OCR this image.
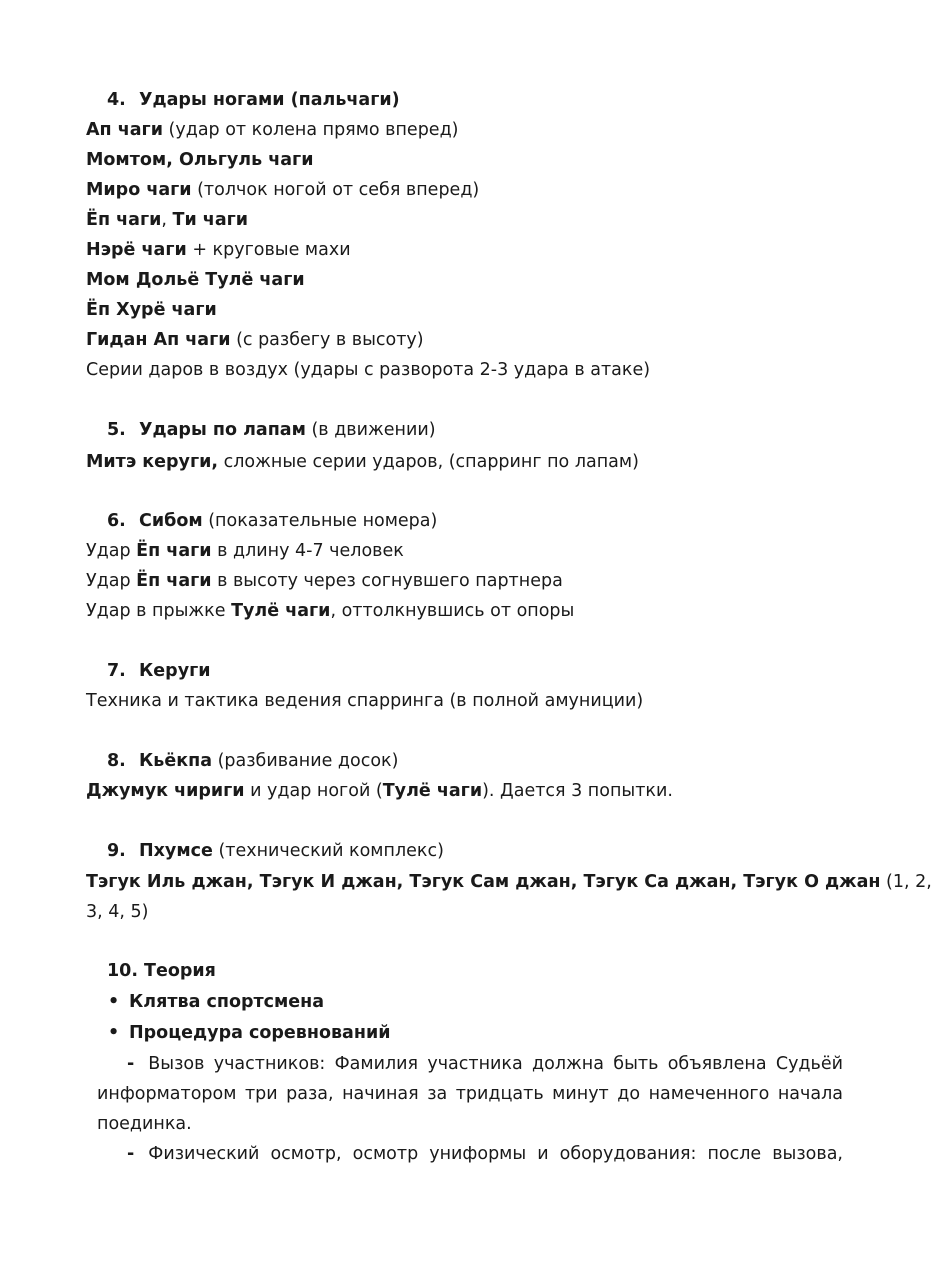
4. Удары ногами (пальчаги)
Ап чаги (удар от колена прямо вперед)
Момтом, Ольгуль чаги
Миро чаги (толчок ногой от себя вперед)
Ёп чаги, Ти чаги
Нэрё чаги + круговые махи
Мом Дольё Тулё чаги
Ёп Хурё чаги
Гидан Ап чаги (с разбегу в высоту)
Серии даров в воздух (удары с разворота 2-3 удара в атаке)
5. Удары по лапам (в движении)
Митэ керуги, сложные серии ударов, (спарринг по лапам)
6. Сибом (показательные номера)
Удар Ёп чаги в длину 4-7 человек
Удар Ёп чаги в высоту через согнувшего партнера
Удар в прыжке Тулё чаги, оттолкнувшись от опоры
7. Керуги
Техника и тактика ведения спарринга (в полной амуниции)
8. Кьёкпа (разбивание досок)
Джумук чириги и удар ногой (Тулё чаги). Дается 3 попытки.
9. Пхумсе (технический комплекс)
Тэгук Иль джан, Тэгук И джан, Тэгук Сам джан, Тэгук Са джан, Тэгук О джан (1, 2,
3, 4, 5)
10. Теория
• Клятва спортсмена
• Процедура соревнований
- Вызов участников: Фамилия участника должна быть объявлена Судьёй информатором три раза, начиная за тридцать минут до намеченного начала поединка.
- Физический осмотр, осмотр униформы и оборудования: после вызова,
